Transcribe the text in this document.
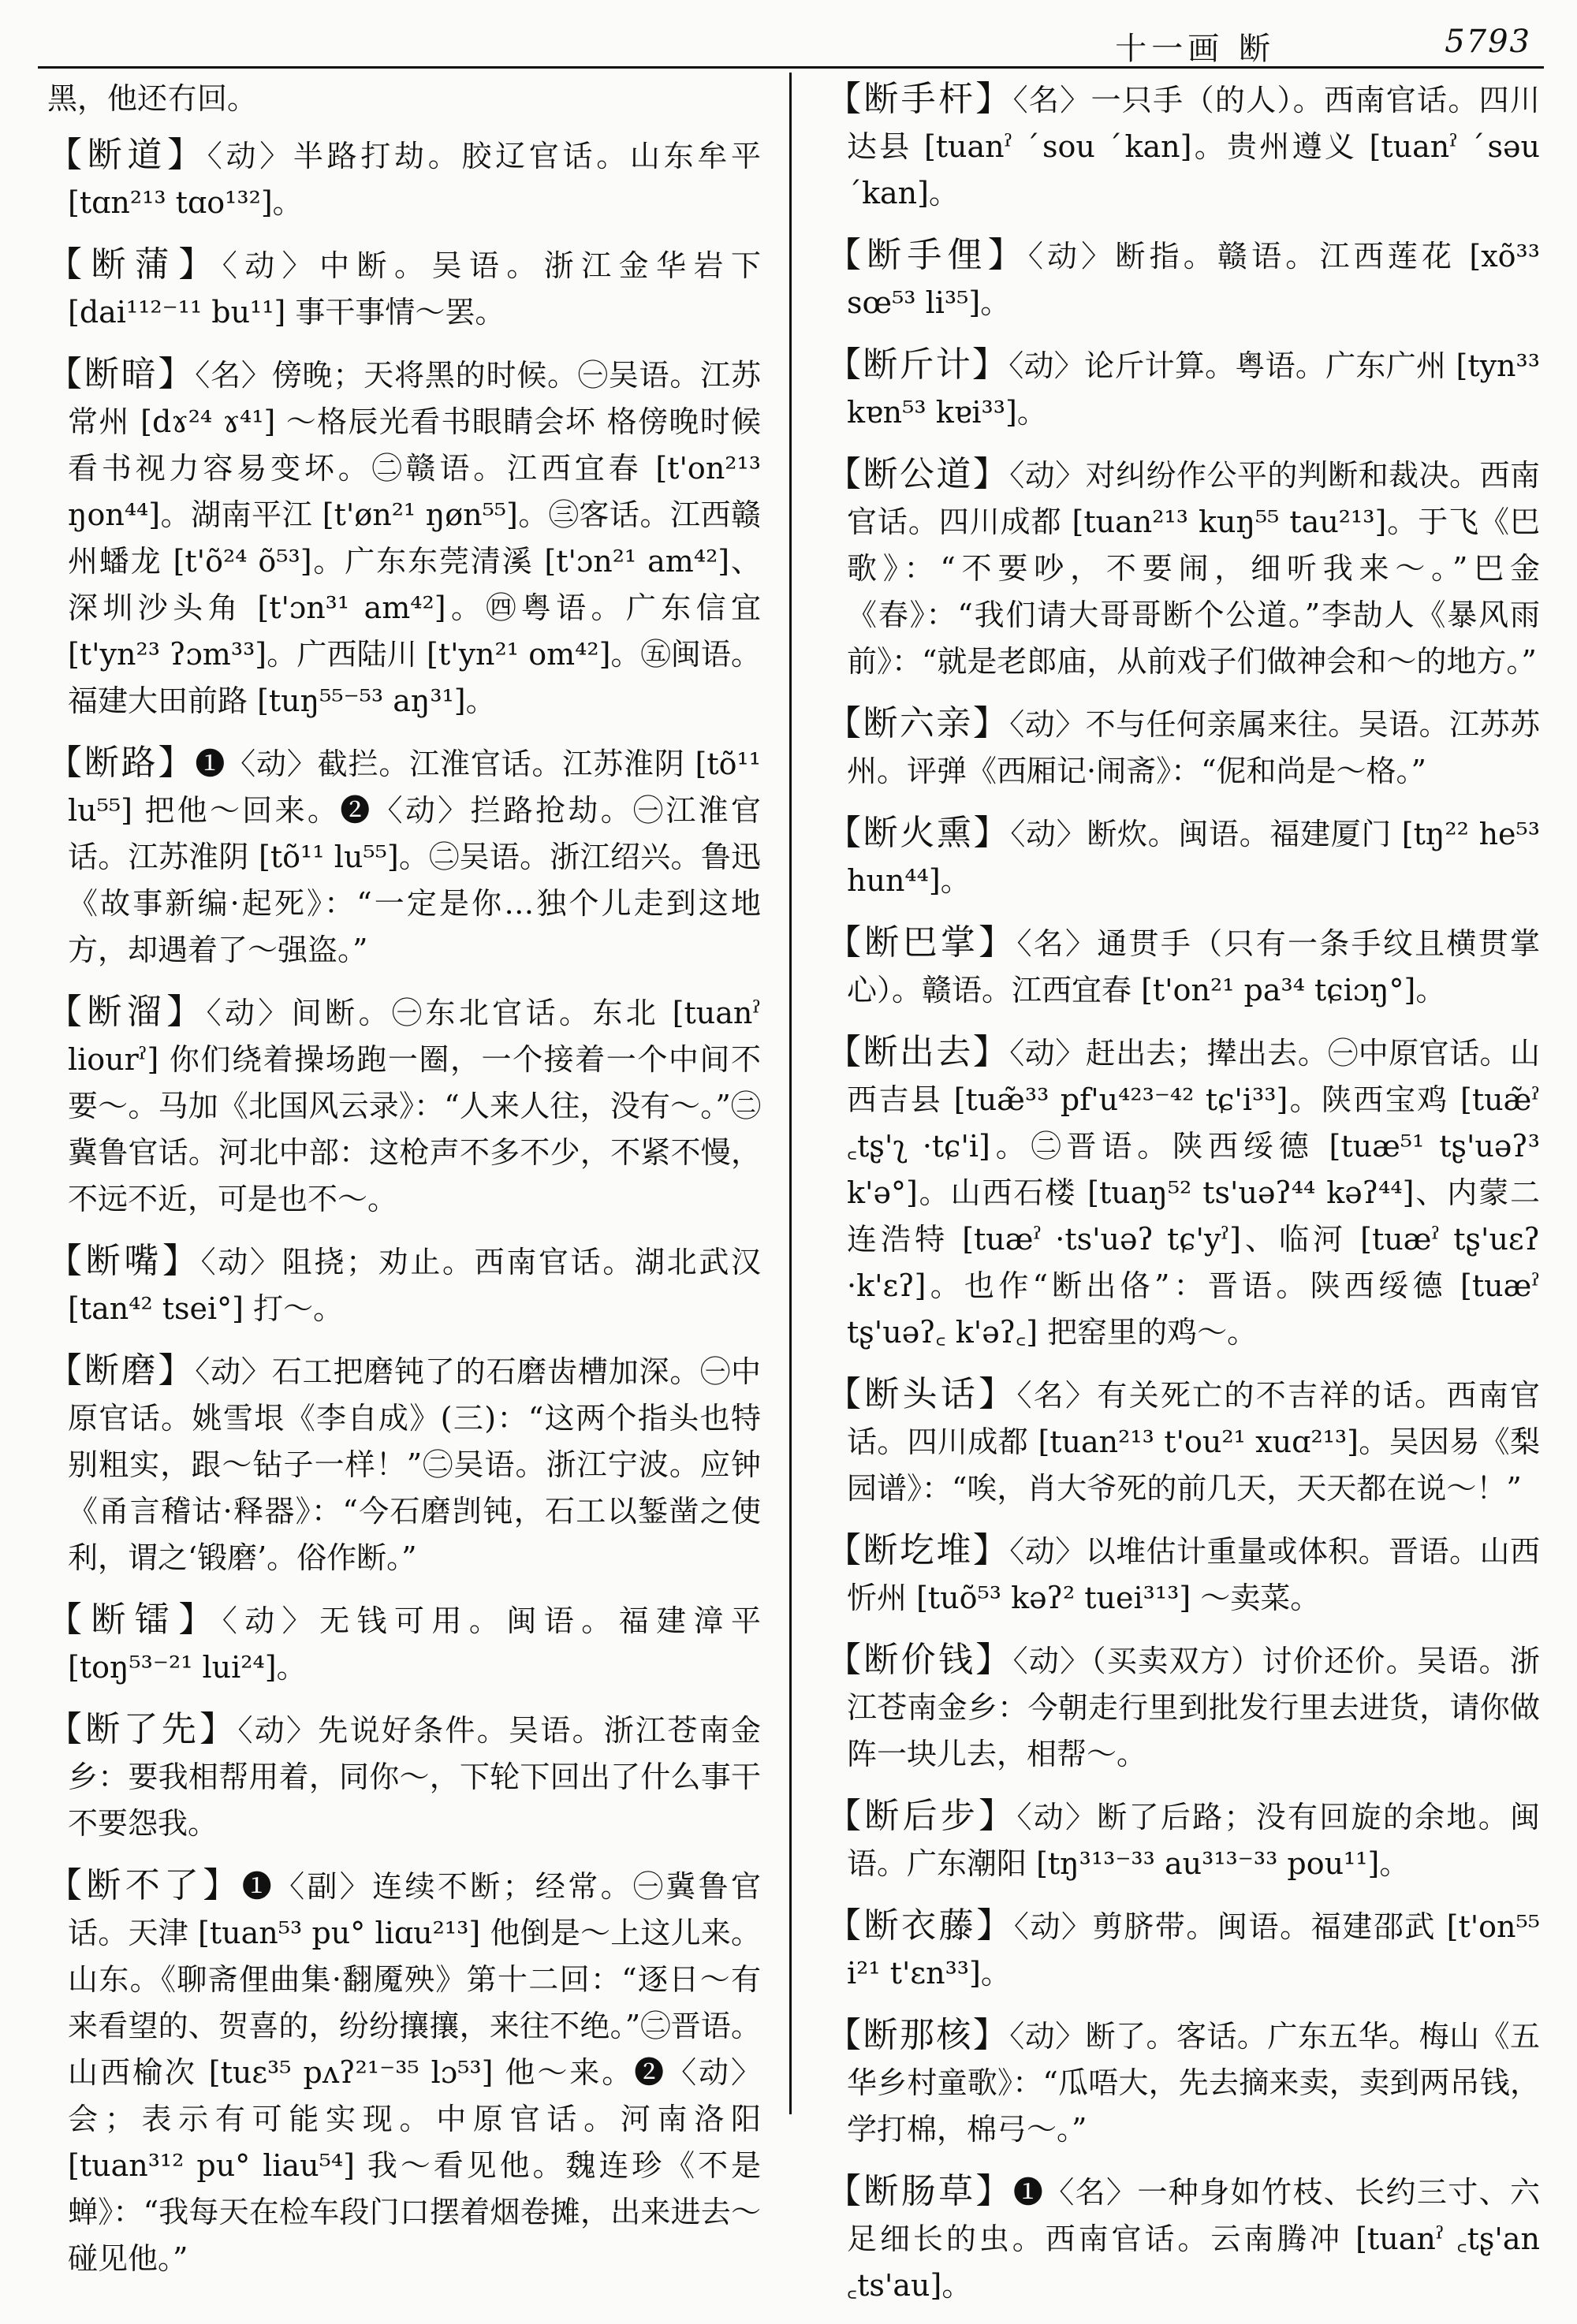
十一画 断	5793

黑，他还冇回。

【断道】〈动〉半路打劫。胶辽官话。山东牟平 [tɑn²¹³ tɑo¹³²]。

【断蒲】〈动〉中断。吴语。浙江金华岩下 [dai¹¹²⁻¹¹ bu¹¹] 事干事情～罢。

【断暗】〈名〉傍晚；天将黑的时候。㊀吴语。江苏常州 [dɤ²⁴ ɤ⁴¹] ～格辰光看书眼睛会坏 格傍晚时候看书视力容易变坏。㊁赣语。江西宜春 [t'on²¹³ ŋon⁴⁴]。湖南平江 [t'øn²¹ ŋøn⁵⁵]。㊂客话。江西赣州蟠龙 [t'õ²⁴ õ⁵³]。广东东莞清溪 [t'ɔn²¹ am⁴²]、深圳沙头角 [t'ɔn³¹ am⁴²]。㊃粤语。广东信宜 [t'yn²³ ʔɔm³³]。广西陆川 [t'yn²¹ om⁴²]。㊄闽语。福建大田前路 [tuŋ⁵⁵⁻⁵³ aŋ³¹]。

【断路】❶〈动〉截拦。江淮官话。江苏淮阴 [tõ¹¹ lu⁵⁵] 把他～回来。❷〈动〉拦路抢劫。㊀江淮官话。江苏淮阴 [tõ¹¹ lu⁵⁵]。㊁吴语。浙江绍兴。鲁迅《故事新编·起死》：“一定是你…独个儿走到这地方，却遇着了～强盗。”

【断溜】〈动〉间断。㊀东北官话。东北 [tuanˀ liourˀ] 你们绕着操场跑一圈，一个接着一个中间不要～。马加《北国风云录》：“人来人往，没有～。”㊁冀鲁官话。河北中部：这枪声不多不少，不紧不慢，不远不近，可是也不～。

【断嘴】〈动〉阻挠；劝止。西南官话。湖北武汉 [tan⁴² tsei°] 打～。

【断磨】〈动〉石工把磨钝了的石磨齿槽加深。㊀中原官话。姚雪垠《李自成》(三)：“这两个指头也特别粗实，跟～钻子一样！”㊁吴语。浙江宁波。应钟《甬言稽诂·释器》：“今石磨剀钝，石工以錾凿之使利，谓之‘锻磨’。俗作断。”

【断镭】〈动〉无钱可用。闽语。福建漳平 [toŋ⁵³⁻²¹ lui²⁴]。

【断了先】〈动〉先说好条件。吴语。浙江苍南金乡：要我相帮用着，同你～，下轮下回出了什么事干不要怨我。

【断不了】❶〈副〉连续不断；经常。㊀冀鲁官话。天津 [tuan⁵³ pu° liɑu²¹³] 他倒是～上这儿来。山东。《聊斋俚曲集·翻魇殃》第十二回：“逐日～有来看望的、贺喜的，纷纷攘攘，来往不绝。”㊁晋语。山西榆次 [tuɛ³⁵ pʌʔ²¹⁻³⁵ lɔ⁵³] 他～来。❷〈动〉会；表示有可能实现。中原官话。河南洛阳 [tuan³¹² pu° liau⁵⁴] 我～看见他。魏连珍《不是蝉》：“我每天在检车段门口摆着烟卷摊，出来进去～碰见他。”

【断手杆】〈名〉一只手（的人）。西南官话。四川达县 [tuanˀ ˊsou ˊkan]。贵州遵义 [tuanˀ ˊsəu ˊkan]。

【断手俚】〈动〉断指。赣语。江西莲花 [xõ³³ sœ⁵³ li³⁵]。

【断斤计】〈动〉论斤计算。粤语。广东广州 [tyn³³ kɐn⁵³ kɐi³³]。

【断公道】〈动〉对纠纷作公平的判断和裁决。西南官话。四川成都 [tuan²¹³ kuŋ⁵⁵ tau²¹³]。于飞《巴歌》：“不要吵，不要闹，细听我来～。”巴金《春》：“我们请大哥哥断个公道。”李劼人《暴风雨前》：“就是老郎庙，从前戏子们做神会和～的地方。”

【断六亲】〈动〉不与任何亲属来往。吴语。江苏苏州。评弹《西厢记·闹斋》：“伲和尚是～格。”

【断火熏】〈动〉断炊。闽语。福建厦门 [tŋ²² he⁵³ hun⁴⁴]。

【断巴掌】〈名〉通贯手（只有一条手纹且横贯掌心）。赣语。江西宜春 [t'on²¹ pa³⁴ tɕiɔŋ°]。

【断出去】〈动〉赶出去；撵出去。㊀中原官话。山西吉县 [tuæ̃³³ pf'u⁴²³⁻⁴² tɕ'i³³]。陕西宝鸡 [tuæ̃ˀ ꜀tʂ'ʅ ·tɕ'i]。㊁晋语。陕西绥德 [tuæ⁵¹ tʂ'uəʔ³ k'ə°]。山西石楼 [tuaŋ⁵² ts'uəʔ⁴⁴ kəʔ⁴⁴]、内蒙二连浩特 [tuæˀ ·ts'uəʔ tɕ'yˀ]、临河 [tuæˀ tʂ'uɛʔ ·k'ɛʔ]。也作“断出佫”：晋语。陕西绥德 [tuæˀ tʂ'uəʔ꜀ k'əʔ꜀] 把窑里的鸡～。

【断头话】〈名〉有关死亡的不吉祥的话。西南官话。四川成都 [tuan²¹³ t'ou²¹ xuɑ²¹³]。吴因易《梨园谱》：“唉，肖大爷死的前几天，天天都在说～！”

【断圪堆】〈动〉以堆估计重量或体积。晋语。山西忻州 [tuõ⁵³ kəʔ² tuei³¹³] ～卖菜。

【断价钱】〈动〉（买卖双方）讨价还价。吴语。浙江苍南金乡：今朝走行里到批发行里去进货，请你做阵一块儿去，相帮～。

【断后步】〈动〉断了后路；没有回旋的余地。闽语。广东潮阳 [tŋ³¹³⁻³³ au³¹³⁻³³ pou¹¹]。

【断衣藤】〈动〉剪脐带。闽语。福建邵武 [t'on⁵⁵ i²¹ t'ɛn³³]。

【断那核】〈动〉断了。客话。广东五华。梅山《五华乡村童歌》：“瓜唔大，先去摘来卖，卖到两吊钱，学打棉，棉弓～。”

【断肠草】❶〈名〉一种身如竹枝、长约三寸、六足细长的虫。西南官话。云南腾冲 [tuanˀ ꜀tʂ'an ꜀ts'au]。
